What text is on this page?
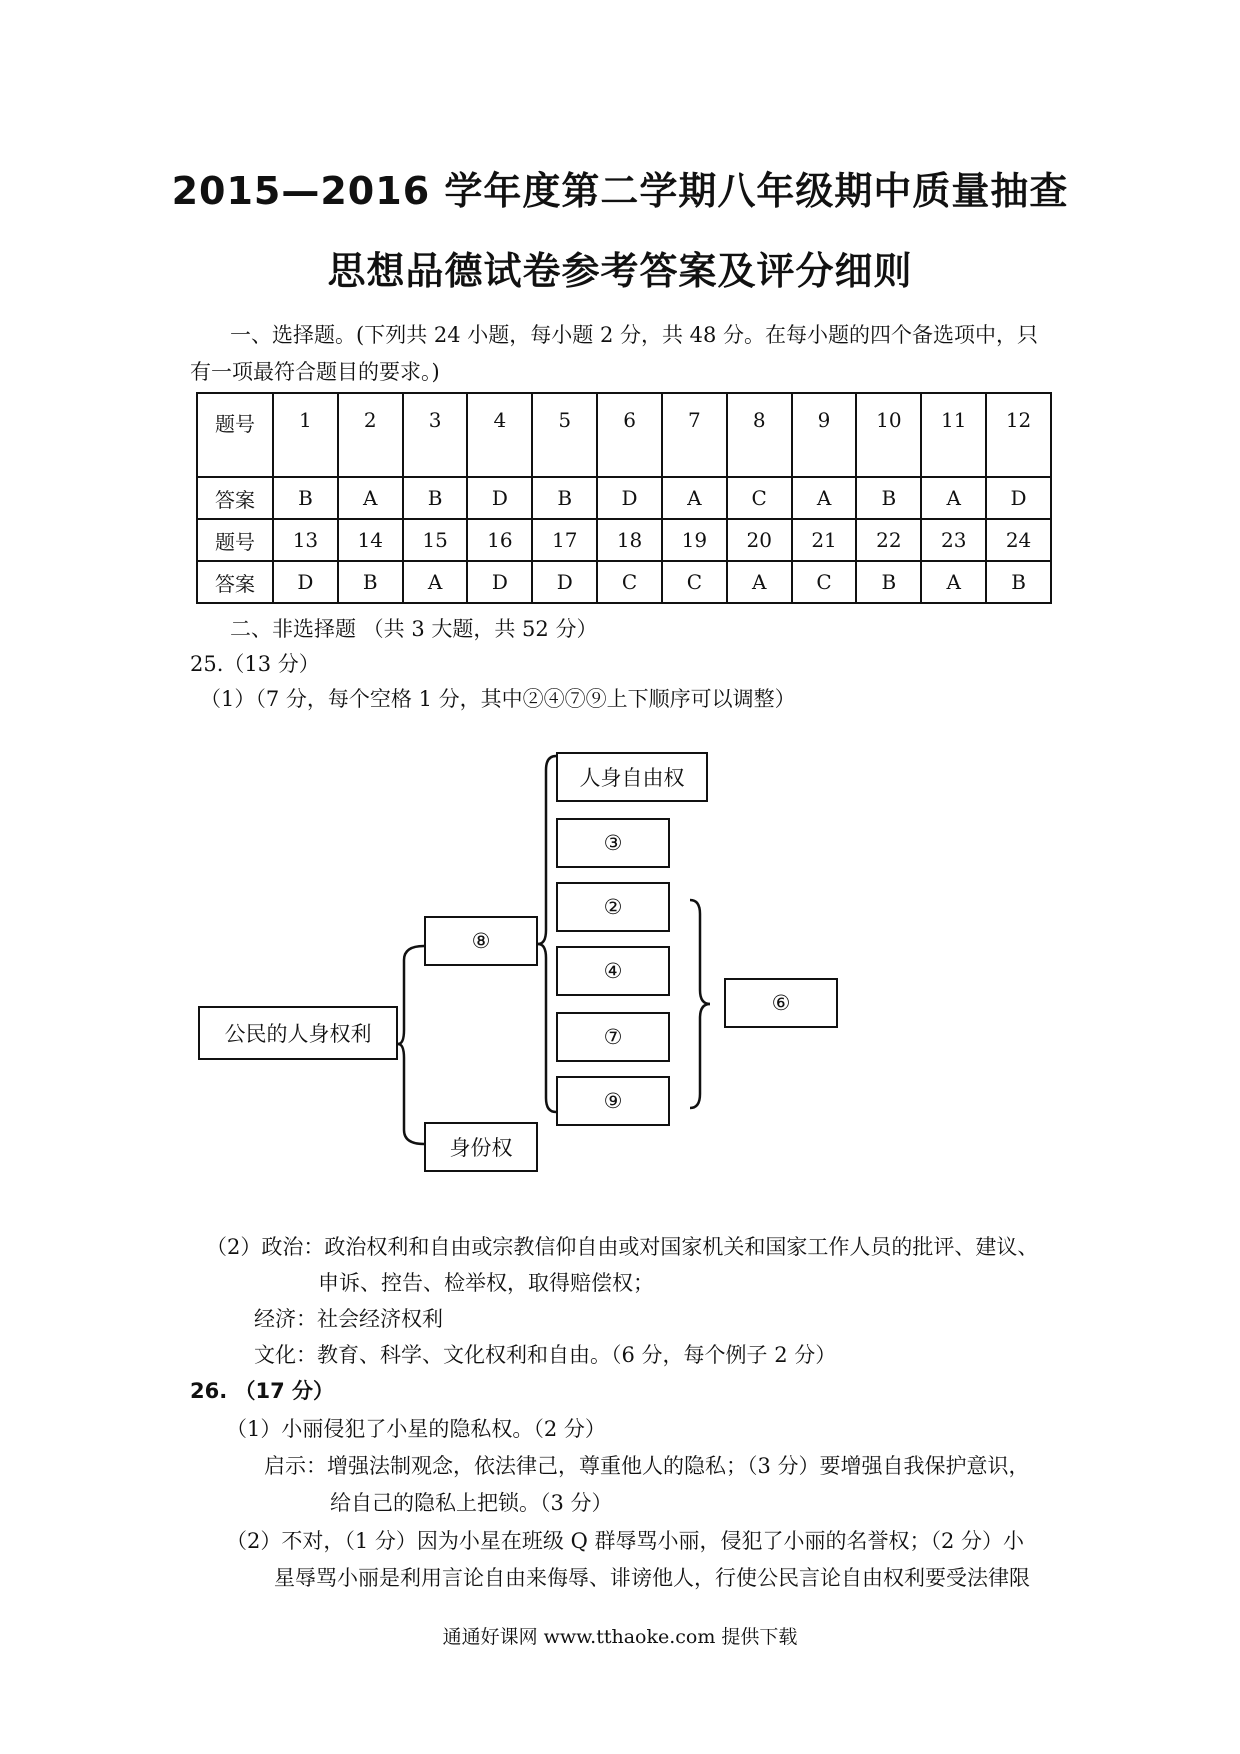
2015—2016 学年度第二学期八年级期中质量抽查
思想品德试卷参考答案及评分细则
一、选择题。(下列共 24 小题，每小题 2 分，共 48 分。在每小题的四个备选项中，只
有一项最符合题目的要求。)
题号	1	2	3	4	5	6	7	8	9	10	11	12
答案	B	A	B	D	B	D	A	C	A	B	A	D
题号	13	14	15	16	17	18	19	20	21	22	23	24
答案	D	B	A	D	D	C	C	A	C	B	A	B
二、非选择题 （共 3 大题，共 52 分）
25.（13 分）
（1）（7 分，每个空格 1 分，其中②④⑦⑨上下顺序可以调整）
公民的人身权利
⑧
身份权
人身自由权
③
②
④
⑦
⑨
⑥
（2）政治：政治权利和自由或宗教信仰自由或对国家机关和国家工作人员的批评、建议、
申诉、控告、检举权，取得赔偿权；
经济：社会经济权利
文化：教育、科学、文化权利和自由。（6 分，每个例子 2 分）
26. （17 分）
（1）小丽侵犯了小星的隐私权。（2 分）
启示：增强法制观念，依法律己，尊重他人的隐私；（3 分）要增强自我保护意识，
给自己的隐私上把锁。（3 分）
（2）不对，（1 分）因为小星在班级 Q 群辱骂小丽，侵犯了小丽的名誉权；（2 分）小
星辱骂小丽是利用言论自由来侮辱、诽谤他人，行使公民言论自由权利要受法律限
通通好课网 www.tthaoke.com 提供下载
